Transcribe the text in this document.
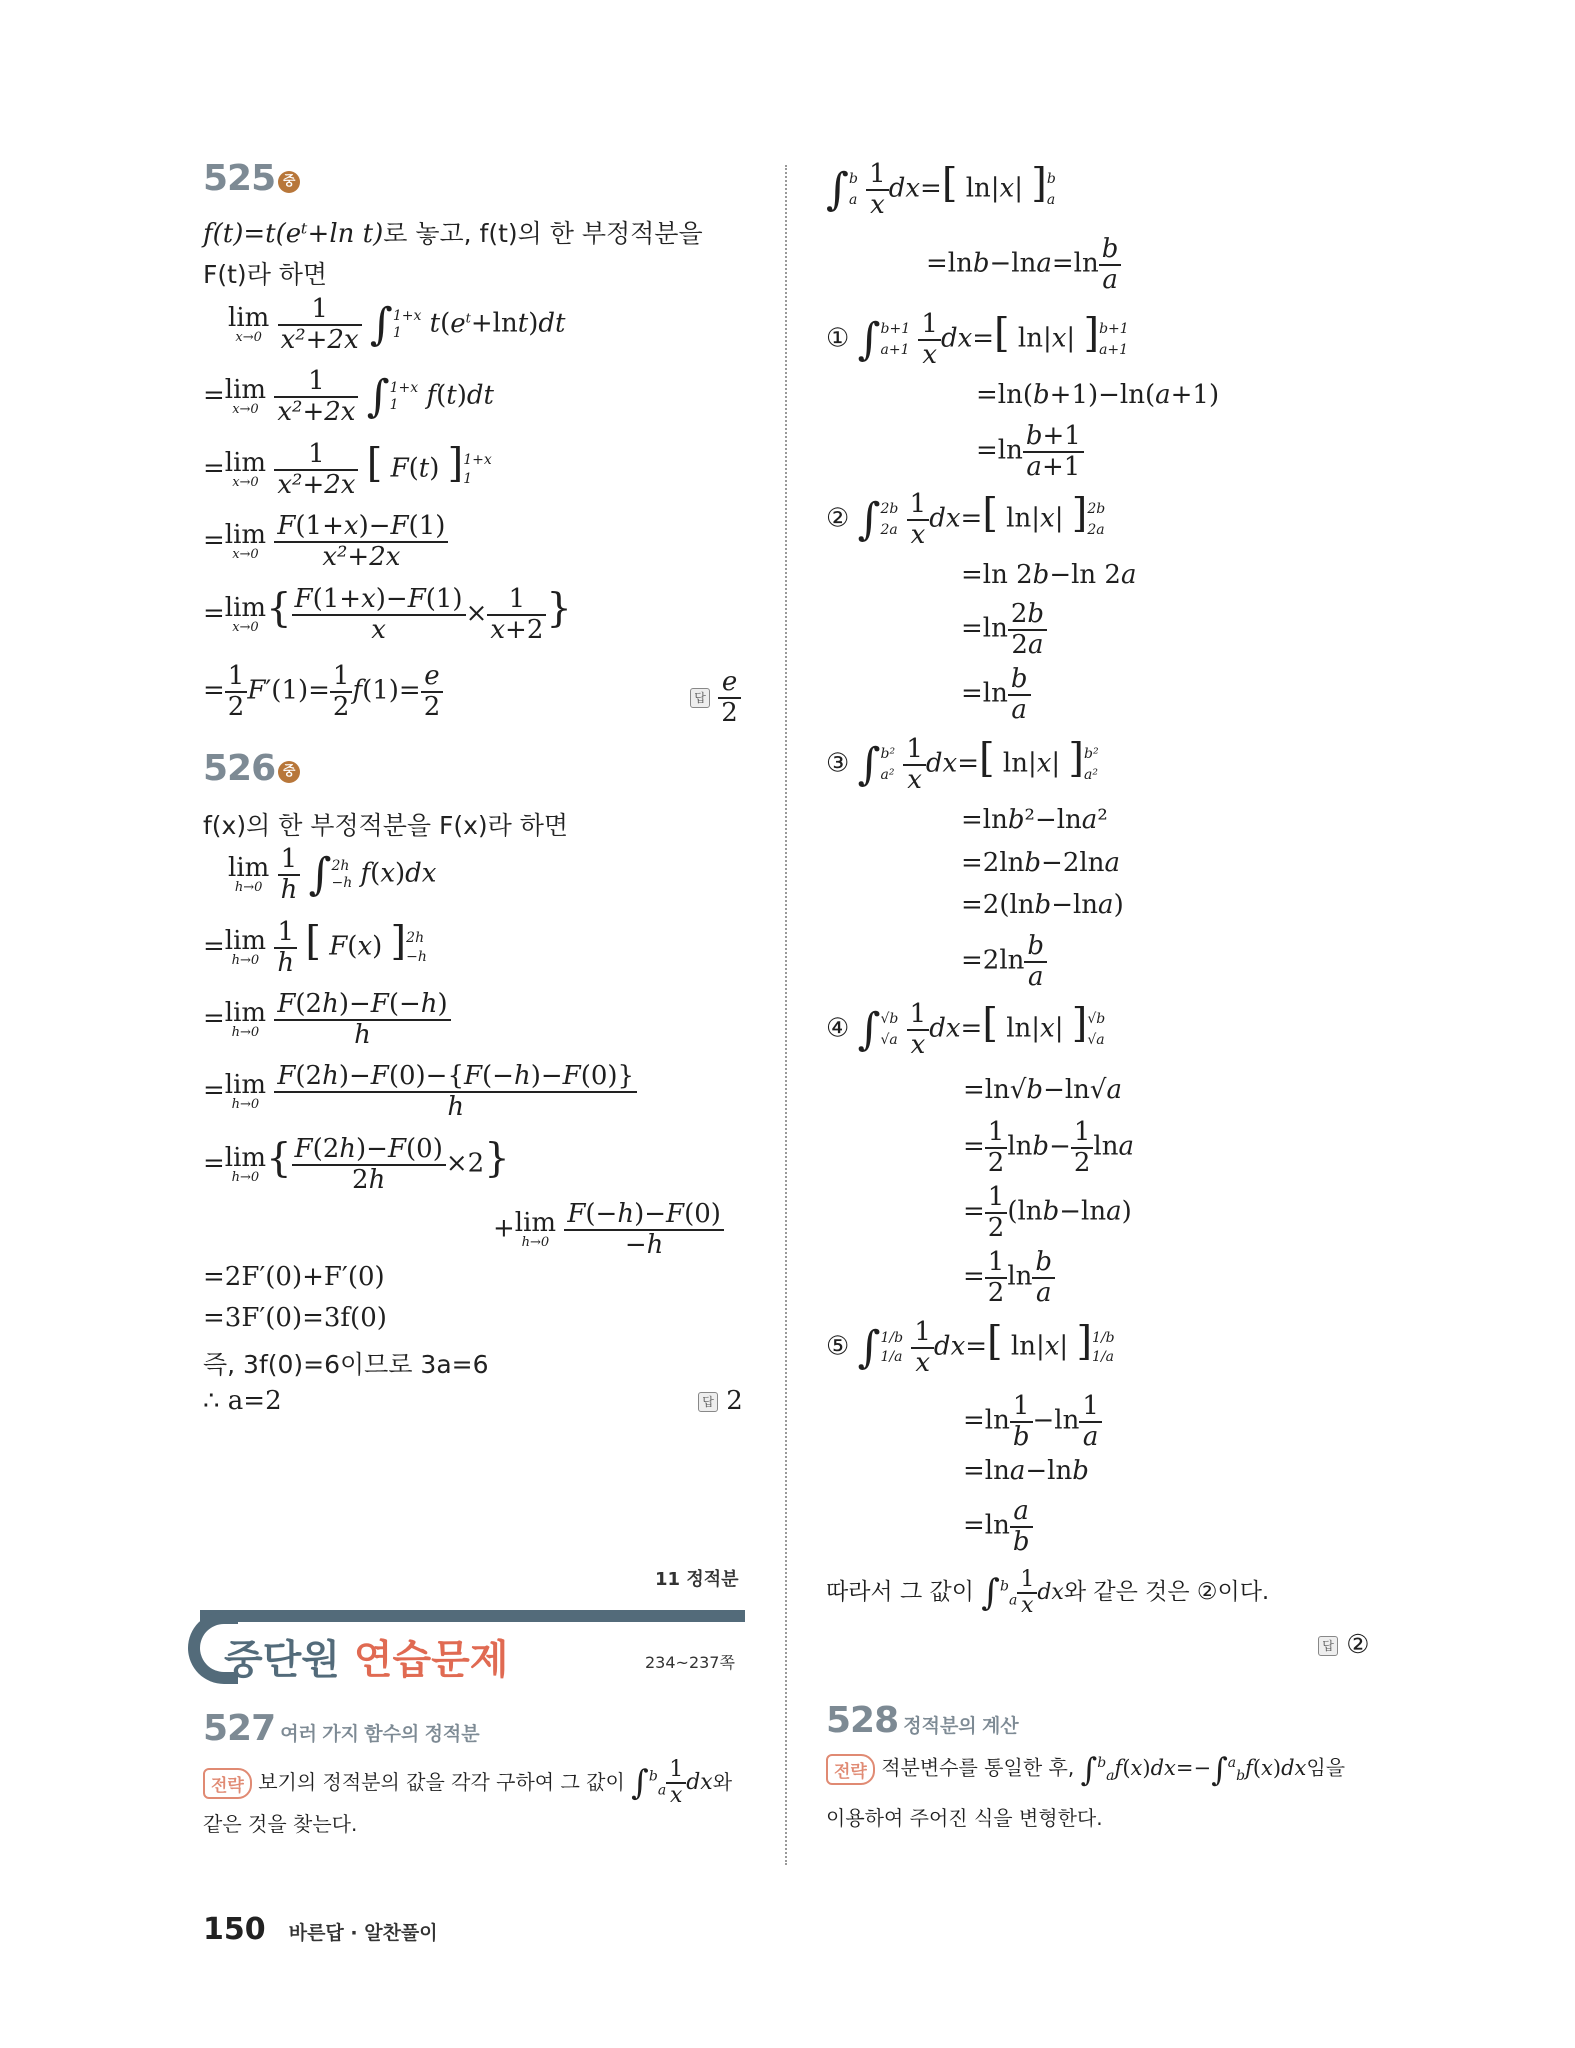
525 중
f(t)=t(eᵗ+ln t)로 놓고, f(t)의 한 부정적분을
F(t)라 하면
lim
x→0
$\frac{1}{\text{x²+2x}}$ ∫ 1+x
1	$t(e^t+\ln t)dt$
=lim
x→0
$\frac{1}{\text{x²+2x}}$ ∫ 1+x
1	f(t)dt
=lim
x→0
$\frac{1}{\text{x²+2x}}$ [ F(t) ] 1+x
1
=lim
x→0
$\frac{F(1+x)-F(1)}{\text{x²+2x}}$
=lim
x→0 { $\frac{F(1+x)-F(1)}{x} \times \frac{1}{x+2}$ }
= $\frac{1}{2} F'(1)= \frac{1}{2} f(1)= \frac{e}{2}$	답 $\frac{e}{2}$
526 중
f(x)의 한 부정적분을 F(x)라 하면
lim
h→0
$\frac{1}{h}$ ∫ 2h
−h f(x)dx
=lim
h→0
$\frac{1}{h}$ [ F(x) ] 2h
−h
=lim
h→0
$\frac{F(2h)-F(-h)}{h}$
=lim
h→0
$\frac{F(2h)-F(0)-\{F(-h)-F(0)\}}{h}$
=lim
h→0 { $\frac{F(2h)-F(0)}{2h} \times 2$}
+lim
h→0
$\frac{F(-h)-F(0)}{-h}$
=2F′(0)+F′(0)
=3F′(0)=3f(0)
즉, 3f(0)=6이므로 3a=6
∴ a=2	답 2
11 정적분
중단원 연습문제	234~237쪽
527 여러 가지 함수의 정적분
전략 보기의 정적분의 값을 각각 구하여 그 값이 $\int^b_a \frac{1}{x}$ dx와
같은 것을 찾는다.
∫ b
a
$\frac{1}{x} dx=$[ ln|x| ] b
a
$=\ln b-\ln a=\ln \frac{b}{a}$
① ∫ b+1
a+1
$\frac{1}{x} dx=$[ ln|x| ] b+1
a+1
=ln(b+1)−ln(a+1)
$=\ln \frac{b+1}{a+1}$
② ∫ 2b
2a
$\frac{1}{x} dx=$[ ln|x| ] 2b
2a
=ln 2b−ln 2a
$=\ln \frac{2b}{2a}$
$=\ln \frac{b}{a}$
③ ∫ b²
a²
$\frac{1}{x} dx=$[ ln|x| ] b²
a²
=lnb²−lna²
=2lnb−2lna
=2(lnb−lna)
$=2\ln \frac{b}{a}$
④ ∫ √b
√a
$\frac{1}{x} dx=$[ ln|x| ] √b
√a
=ln√b−ln√a
= $\frac{1}{2} \ln b- \frac{1}{2}$ lna
= $\frac{1}{2} (\ln b-\ln a)$
= $\frac{1}{2}$ $\ln \frac{b}{a}$
⑤ ∫ 1/b
1/a
$\frac{1}{x} dx=$[ ln|x| ] 1/b
1/a
$=\ln \frac{1}{b} -\ln \frac{1}{a}$
=lna−lnb
$=\ln \frac{a}{b}$
따라서 그 값이 $\int^b_a \frac{1}{x}$ dx와 같은 것은 ②이다.
답 ②
528 정적분의 계산
전략 적분변수를 통일한 후, ∫$^b_a$f(x)dx=−∫$^a_b$f(x)dx임을
이용하여 주어진 식을 변형한다.
150 바른답 · 알찬풀이
